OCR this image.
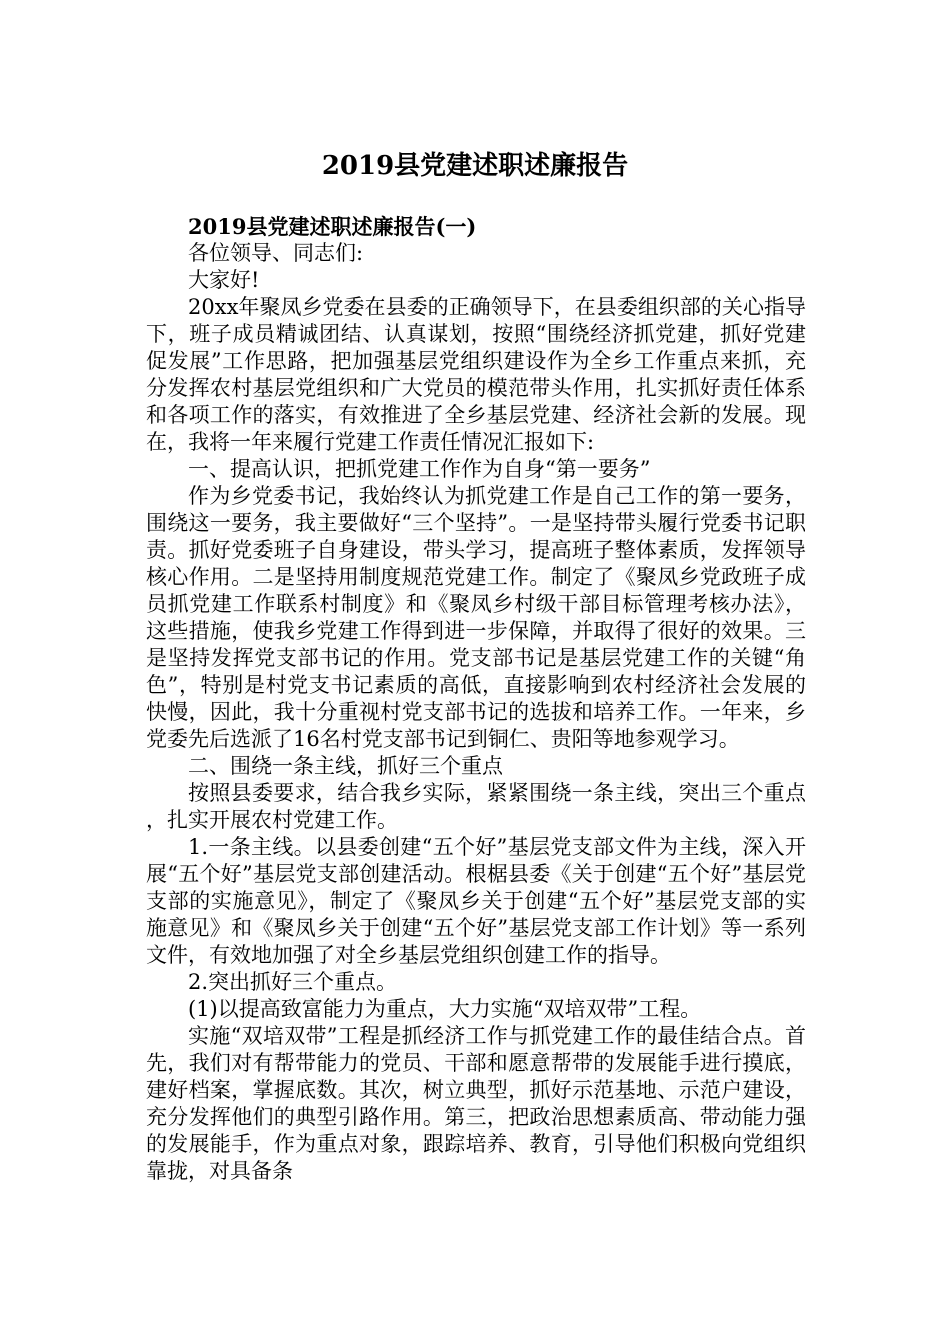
2019县党建述职述廉报告

2019县党建述职述廉报告(一)

各位领导、同志们:

大家好!

20xx年聚凤乡党委在县委的正确领导下，在县委组织部的关心指导下，班子成员精诚团结、认真谋划，按照“围绕经济抓党建，抓好党建促发展”工作思路，把加强基层党组织建设作为全乡工作重点来抓，充分发挥农村基层党组织和广大党员的模范带头作用，扎实抓好责任体系和各项工作的落实，有效推进了全乡基层党建、经济社会新的发展。现在，我将一年来履行党建工作责任情况汇报如下:

一、提高认识，把抓党建工作作为自身“第一要务”

作为乡党委书记，我始终认为抓党建工作是自己工作的第一要务，围绕这一要务，我主要做好“三个坚持”。一是坚持带头履行党委书记职责。抓好党委班子自身建设，带头学习，提高班子整体素质，发挥领导核心作用。二是坚持用制度规范党建工作。制定了《聚凤乡党政班子成员抓党建工作联系村制度》和《聚凤乡村级干部目标管理考核办法》，这些措施，使我乡党建工作得到进一步保障，并取得了很好的效果。三是坚持发挥党支部书记的作用。党支部书记是基层党建工作的关键“角色”，特别是村党支书记素质的高低，直接影响到农村经济社会发展的快慢，因此，我十分重视村党支部书记的选拔和培养工作。一年来，乡党委先后选派了16名村党支部书记到铜仁、贵阳等地参观学习。

二、围绕一条主线，抓好三个重点

按照县委要求，结合我乡实际，紧紧围绕一条主线，突出三个重点，扎实开展农村党建工作。

1.一条主线。以县委创建“五个好”基层党支部文件为主线，深入开展“五个好”基层党支部创建活动。根椐县委《关于创建“五个好”基层党支部的实施意见》，制定了《聚凤乡关于创建“五个好”基层党支部的实施意见》和《聚凤乡关于创建“五个好”基层党支部工作计划》等一系列文件，有效地加强了对全乡基层党组织创建工作的指导。

2.突出抓好三个重点。

(1)以提高致富能力为重点，大力实施“双培双带”工程。

实施“双培双带”工程是抓经济工作与抓党建工作的最佳结合点。首先，我们对有帮带能力的党员、干部和愿意帮带的发展能手进行摸底，建好档案，掌握底数。其次，树立典型，抓好示范基地、示范户建设，充分发挥他们的典型引路作用。第三，把政治思想素质高、带动能力强的发展能手，作为重点对象，跟踪培养、教育，引导他们积极向党组织靠拢，对具备条
